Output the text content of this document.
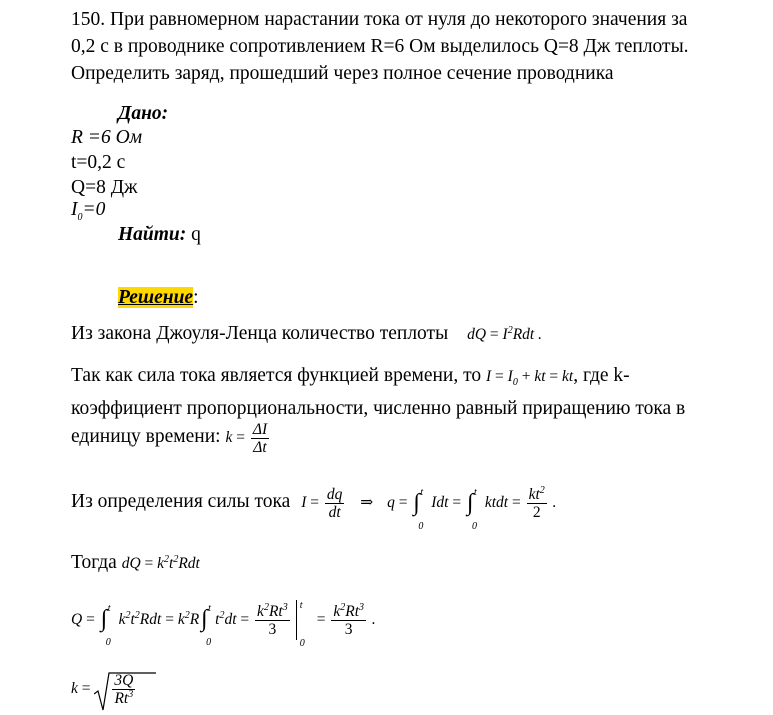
150. При равномерном нарастании тока от нуля до некоторого значения за
0,2 с в проводнике сопротивлением R=6 Ом выделилось Q=8 Дж теплоты.
Определить заряд, прошедший через полное сечение проводника
Дано:
R =6 Ом
t=0,2 с
Q=8 Дж
$I_0=0$
Найти: q
Решение:
Из закона Джоуля-Ленца количество теплоты dQ = $I^2Rdt$ .
Так как сила тока является функцией времени, то $I = I_0$ + kt = kt, где k-
коэффициент пропорциональности, численно равный приращению тока в
единицу времени: $k = \frac{\Delta I}{\Delta t}$
Из определения силы тока $I = \frac{dq}{dt}$ ⇒ q = ∫ t
0
Idt = ∫ t
0
ktdt = $\frac{kt^2}{2}$ .
Тогда dQ = $k^2t^2Rdt$
Q = ∫ t
0
$k^2t^2Rdt = k^2R$ ∫ t
0
$t^2dt = \frac{k^2Rt^3}{3}$ t
0
= $\frac{k^2Rt^3}{3}$ .
$k = \frac{3Q}{Rt^3}$
